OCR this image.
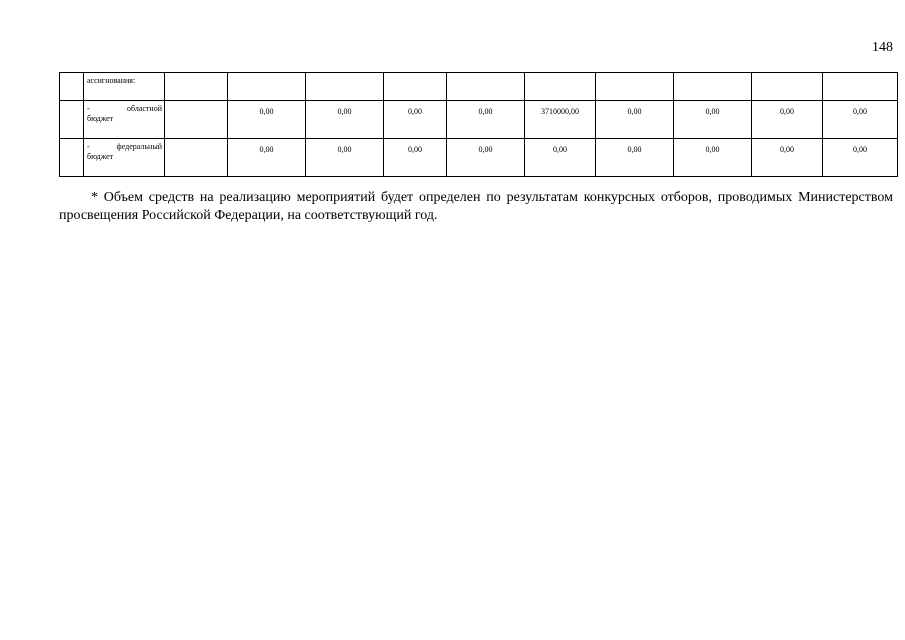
148
	ассигнования:										

	- областной
бюджет		0,00	0,00	0,00	0,00	3710000,00	0,00	0,00	0,00	0,00

	- федеральный
бюджет		0,00	0,00	0,00	0,00	0,00	0,00	0,00	0,00	0,00

* Объем средств на реализацию мероприятий будет определен по результатам конкурсных отборов, проводимых Министерством просвещения Российской Федерации, на соответствующий год.
